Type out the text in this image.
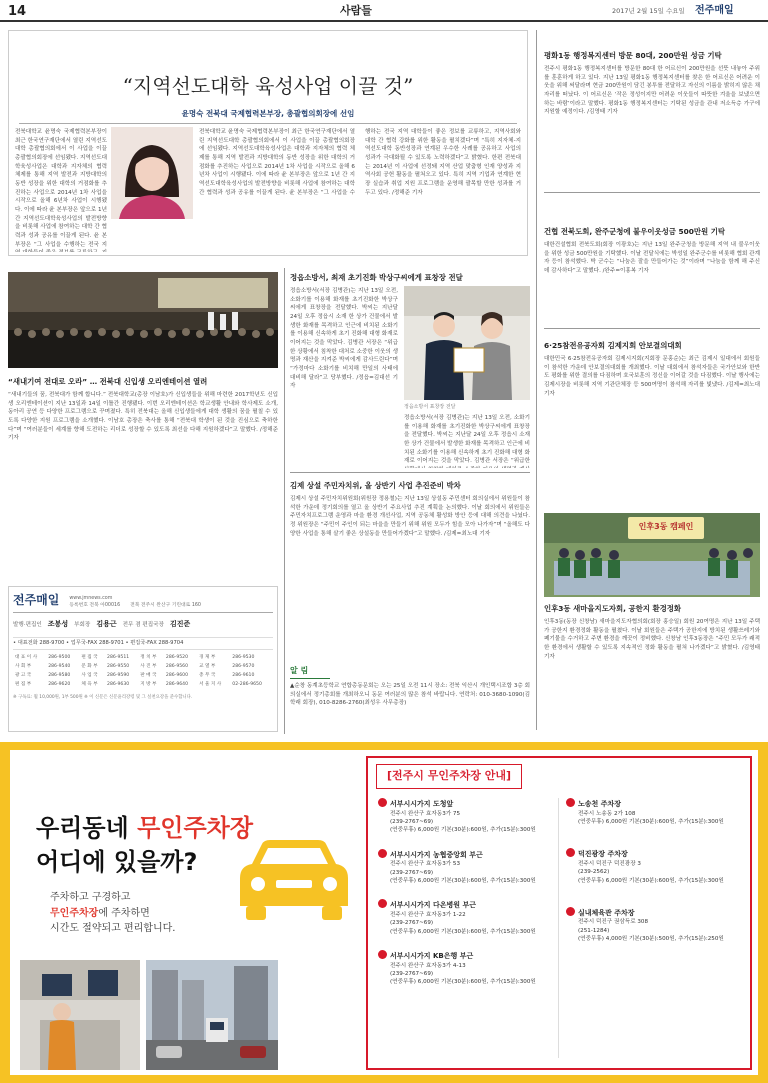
14	사람들	2017년 2월 15일 수요일 전주매일
“지역선도대학 육성사업 이끌 것”
윤명숙 전북대 국제협력본부장, 총괄협의회장에 선임
전북대학교 윤명숙 국제협력본부장이 최근 한국연구재단에서 열린 지역선도대학 총괄협의회에서 이 사업을 이끌 총괄협의회장에 선임됐다. 지역선도대학육성사업은 대학과 지자체의 협력 체제를 통해 지역 발전과 지방대학의 동반 성장을 위한 대학의 거점화를 추진하는 사업으로 2014년 1차 사업을 시작으로 올해 6년차 사업이 시행됐다. 이에 따라 윤 본부장은 앞으로 1년 간 지역선도대학육성사업의 발전방향을 비롯해 사업에 참여하는 대학 간 협력과 성과 공유를 이끌게 된다. 윤 본부장은 “그 사업을 수행하는 전국 지
전북대학교 윤명숙 국제협력본부장이 최근 한국연구재단에서 열린 지역선도대학 총괄협의회에서 이 사업을 이끌 총괄협의회장에 선임됐다. 지역선도대학육성사업은 대학과 지자체의 협력 체제를 통해 지역 발전과 지방대학의 동반 성장을 위한 대학의 거점화를 추진하는 사업으로 2014년 1차 사업을 시작으로 올해 6년차 사업이 시행됐다. 이에 따라 윤 본부장은 앞으로 1년 간 지역선도대학육성사업의 발전방향을 비롯해 사업에 참여하는 대학 간 협력과 성과 공유를 이끌게 된다. 윤 본부장은 “그 사업을 수행하는 전국 지역 대학들이 좋은 정보를 교류하고, 지역사회와 대학 간 협력 강화를 위한 활동을 펼치겠다”며 “특히 지자체-지역선도대학 동반성장과 연계된 우수한 사례를 공유하고 사업의 성과가 극대화될 수 있도록 노력하겠다”고 밝혔다. 한편 전북대는 2014년 이 사업에 선정돼 지역 산업 맞춤형 인재 양성과 지역사회 공헌 활동을 펼쳐오고 있다. 특히 지역 기업과 연계한 현장 실습과 취업 지원 프로그램을 운영해 괄목할 만한 성과를 거두고 있다. /정해준 기자
평화1동 행정복지센터 방문 80대, 200만원 성금 기탁
전주시 평화1동 행정복지센터를 방문한 80대 한 어르신이 200만원을 선뜻 내놓아 주위를 훈훈하게 하고 있다. 지난 13일 평화1동 행정복지센터를 찾은 한 어르신은 어려운 이웃을 위해 써달라며 현금 200만원이 담긴 봉투를 전달하고 자신의 이름을 밝히지 않은 채 자리를 떠났다. 이 어르신은 ‘작은 정성이지만 어려운 이웃들이 따뜻한 겨울을 보냈으면 하는 바람’이라고 말했다. 평화1동 행정복지센터는 기탁된 성금을 관내 저소득층 가구에 지원할 예정이다. /김영태 기자
건협 전북도회, 완주군청에 불우이웃성금 500만원 기탁
대한건설협회 전북도회(회장 이광호)는 지난 13일 완주군청을 방문해 지역 내 불우이웃을 위한 성금 500만원을 기탁했다. 이날 전달식에는 박성일 완주군수를 비롯해 협회 관계자 등이 참석했다. 박 군수는 “나눔은 잘을 만들어가는 것”이라며 “나눔을 함께 해 주신 데 감사하다”고 말했다. /완주=이홍복 기자
6·25참전유공자회 김제지회 안보결의대회
대한민국 6·25참전유공자회 김제시지회(지회장 문홍순)는 최근 김제시 일대에서 회원들이 참석한 가운데 안보결의대회를 개최했다. 이날 대회에서 참석자들은 국가안보와 한반도 평화를 위한 결의를 다짐하며 호국보훈의 정신을 이어갈 것을 다짐했다. 이날 행사에는 김제시장을 비롯해 지역 기관단체장 등 500여명이 참석해 자리를 빛냈다. /김제=최노대 기자
인후3동 캠페인
인후3동 새마을지도자회, 공한지 환경정화
인후3동(동장 신창남) 새마을지도자협의회(회장 홍승일) 회원 20여명은 지난 13일 주택가 공한지 환경정화 활동을 펼쳤다. 이날 회원들은 주택가 공한지에 방치된 생활쓰레기와 폐기물을 수거하고 주변 환경을 깨끗이 정비했다. 신창남 인후3동장은 “주민 모두가 쾌적한 환경에서 생활할 수 있도록 지속적인 정화 활동을 펼쳐 나가겠다”고 밝혔다. /김영태 기자
“새내기여 전대로 오라” … 전북대 신입생 오리엔테이션 열려
“새내기들의 꿈, 전북대가 함께 합니다.” 전북대학교(총장 이남호)가 신입생들을 위해 마련한 2017학년도 신입생 오리엔테이션이 지난 13일과 14일 이틀간 진행됐다. 이번 오리엔테이션은 학교생활 안내와 학사제도 소개, 동아리 공연 등 다양한 프로그램으로 꾸며졌다. 특히 전북대는 올해 신입생들에게 대학 생활의 꿈을 펼칠 수 있도록 다양한 지원 프로그램을 소개했다. 이남호 총장은 축사를 통해 “전북대 학생이 된 것을 진심으로 축하한다”며 “여러분들이 세계를 향해 도전하는 리더로 성장할 수 있도록 최선을 다해 지원하겠다”고 말했다. /정해준 기자
정읍소방서, 최재 초기진화 박상구씨에게 표창장 전달
정읍소방서(서장 김병관)는 지난 13일 오전, 소화기를 이용해 화재를 초기진화한 박상구씨에게 표창장을 전달했다. 박씨는 지난달 24일 오후 정읍시 소재 한 상가 건물에서 발생한 화재를 목격하고 인근에 비치된 소화기를 이용해 신속하게 초기 진화해 대형 화재로 이어지는 것을 막았다. 김병관 서장은 “위급한 상황에서 침착한 대처로 소중한 이웃의 생명과 재산을 지켜준 박씨에게 감사드린다”며 “가정마다 소화기를 비치해 만일의 사태에 대비해 달라”고 당부했다. /정읍=김대선 기자
정읍소방서 표창장 전달
정읍소방서(서장 김병관)는 지난 13일 오전, 소화기를 이용해 화재를 초기진화한 박상구씨에게 표창장을 전달했다. 박씨는 지난달 24일 오후 정읍시 소재 한 상가 건물에서 발생한 화재를 목격하고 인근에 비치된 소화기를 이용해 신속하게 초기 진화해 대형 화재로 이어지는 것을 막았다. 김병관 서장은 “위급한
김제 상설 주민자치위, 올 상반기 사업 추진준비 박차
김제시 상설 주민자치위원회(위원장 정용철)는 지난 13일 상설동 주민센터 회의실에서 위원들이 참석한 가운데 정기회의를 열고 올 상반기 주요사업 추진 계획을 논의했다. 이날 회의에서 위원들은 주민자치프로그램 운영과 마을 환경 개선사업, 지역 공동체 활성화 방안 등에 대해 의견을 나눴다. 정 위원장은 “주민이 주인이 되는 마을을 만들기 위해 위원 모두가 힘을 모아 나가자”며 “올해도 다양한 사업을 통해 살기 좋은 상설동을 만들어가겠다”고 말했다. /김제=최노대 기자
알 림
▲순창 동계초등학교 연합총동문회는 오는 25일 오전 11시 장소: 전북 익산시 개인택시조합 3층 회의실에서 정기총회를 개최하오니 동문 여러분의 많은 참석 바랍니다. 연락처: 010-3680-1090(김학래 회장), 010-8286-2760(최성우 사무총장)
전주매일 www.jmnews.com
등록번호 전북 아00016 전북 전주시 완산구 기린대로 160
발행·편집인 조봉성 부회장 김용근 전무 겸 편집국장 김진준
• 대표전화 288-9700 • 업무국-FAX 288-9701 • 편집국-FAX 288-9704
대 표 이 사	286-9500	편 집 국	286-9511	정 치 부	286-9520	경 제 부	286-9530
사 회 부	286-9540	문 화 부	286-9550	사 진 부	286-9560	교 열 부	286-9570
광 고 국	286-9580	사 업 국	286-9590	판 매 국	286-9600	총 무 국	286-9610
편 집 부	286-9620	체 육 부	286-9630	지 방 부	286-9640	서 울 지 사	02-286-9650
※ 구독료: 월 10,000원, 1부 500원 ※ 이 신문은 신문윤리강령 및 그 실천요강을 준수합니다.
우리동네 무인주차장
어디에 있을까?
주차하고 구경하고
무인주차장에 주차하면
시간도 절약되고 편리합니다.
[전주시 무인주차장 안내]
서부시시가지 도청앞
전주시 완산구 효자동3가 75
(239-2767~69)
(연중무휴) 6,000원 기본(30분):600원, 추가(15분):300원
서부시시가지 농협중앙회 부근
전주시 완산구 효자동3가 53
(239-2767~69)
(연중무휴) 6,000원 기본(30분):600원, 추가(15분):300원
서부시시가지 다온병원 부근
전주시 완산구 효자동3가 1-22
(239-2767~69)
(연중무휴) 6,000원 기본(30분):600원, 추가(15분):300원
서부시시가지 KB은행 부근
전주시 완산구 효자동3가 4-13
(239-2767~69)
(연중무휴) 6,000원 기본(30분):600원, 추가(15분):300원
노송천 주차장
전주시 노송동 2가 108
(연중무휴) 6,000원 기본(30분):600원, 추가(15분):300원
덕진광장 주차장
전주시 덕진구 덕진광장 3
(239-2562)
(연중무휴) 6,000원 기본(30분):600원, 추가(15분):300원
실내체육관 주차장
전주시 덕진구 권삼득로 308
(251-1284)
(연중무휴) 4,000원 기본(30분):500원, 추가(15분):250원
